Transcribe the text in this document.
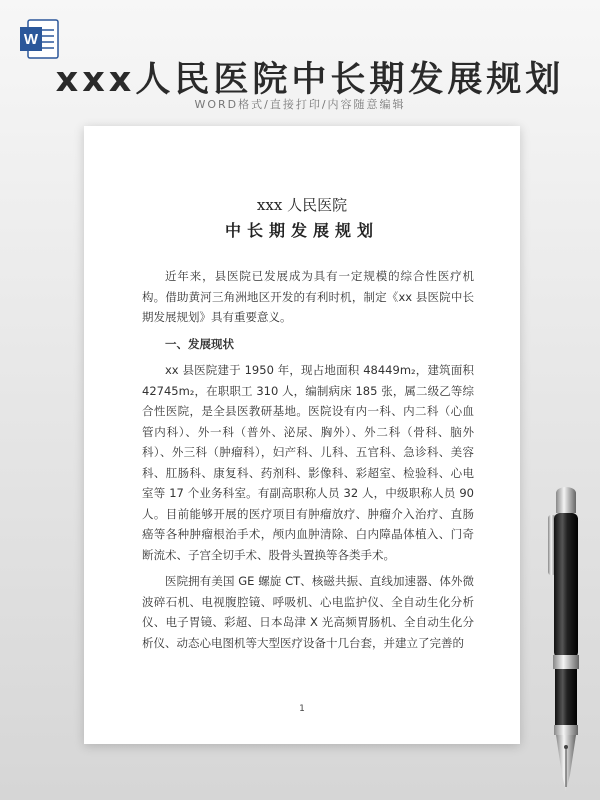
W
xxx人民医院中长期发展规划
WORD格式/直接打印/内容随意编辑
xxx 人民医院
中长期发展规划

近年来，县医院已发展成为具有一定规模的综合性医疗机构。借助黄河三角洲地区开发的有利时机，制定《xx 县医院中长期发展规划》具有重要意义。

一、发展现状

xx 县医院建于 1950 年，现占地面积 48449m₂，建筑面积 42745m₂，在职职工 310 人，编制病床 185 张，属二级乙等综合性医院，是全县医教研基地。医院设有内一科、内二科（心血管内科）、外一科（普外、泌尿、胸外）、外二科（骨科、脑外科）、外三科（肿瘤科），妇产科、儿科、五官科、急诊科、美容科、肛肠科、康复科、药剂科、影像科、彩超室、检验科、心电室等 17 个业务科室。有副高职称人员 32 人，中级职称人员 90 人。目前能够开展的医疗项目有肿瘤放疗、肿瘤介入治疗、直肠癌等各种肿瘤根治手术，颅内血肿清除、白内障晶体植入、门奇断流术、子宫全切手术、股骨头置换等各类手术。

医院拥有美国 GE 螺旋 CT、核磁共振、直线加速器、体外微波碎石机、电视腹腔镜、呼吸机、心电监护仪、全自动生化分析仪、电子胃镜、彩超、日本岛津 X 光高频胃肠机、全自动生化分析仪、动态心电图机等大型医疗设备十几台套，并建立了完善的

1
